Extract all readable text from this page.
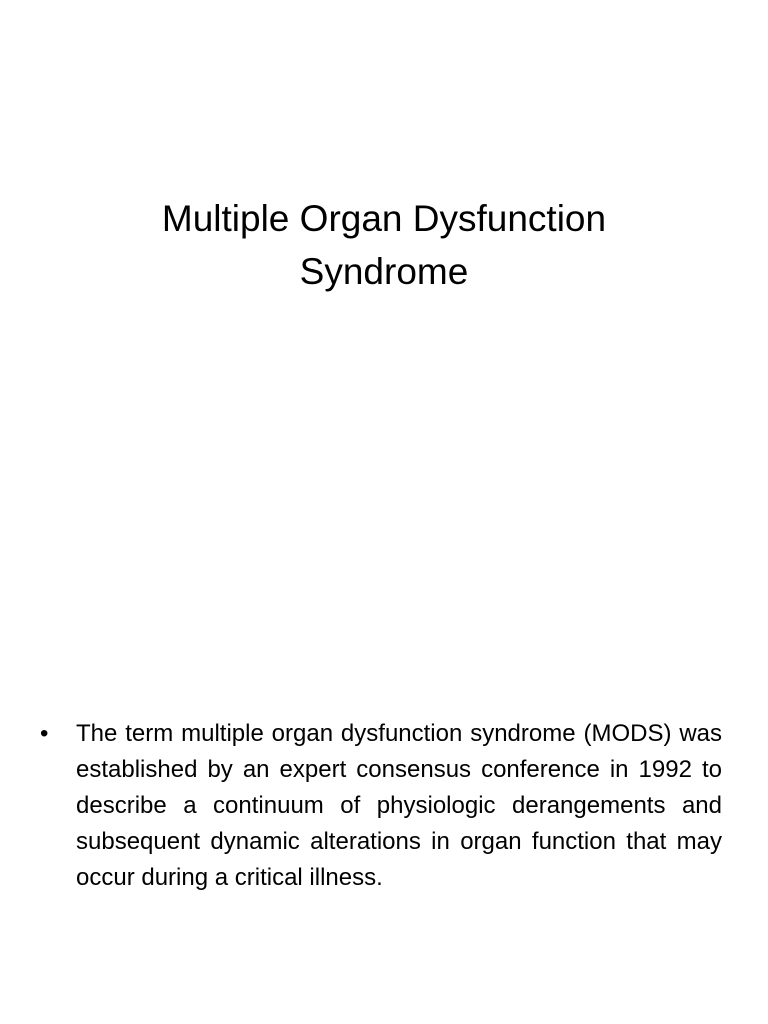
Multiple Organ Dysfunction
Syndrome
•	The term multiple organ dysfunction syndrome (MODS) was established by an expert consensus conference in 1992 to describe a continuum of physiologic derangements and subsequent dynamic alterations in organ function that may occur during a critical illness.
